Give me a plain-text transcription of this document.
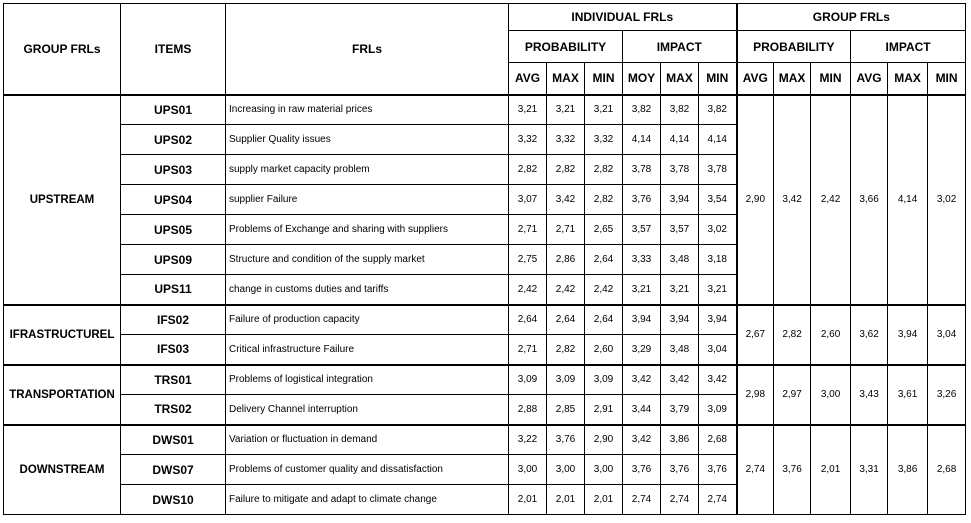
GROUP FRLs	ITEMS	FRLs	INDIVIDUAL FRLs						GROUP FRLs					
			PROBABILITY			IMPACT			PROBABILITY			IMPACT		
			AVG	MAX	MIN	MOY	MAX	MIN	AVG	MAX	MIN	AVG	MAX	MIN
UPSTREAM	UPS01	Increasing in raw material prices	3,21	3,21	3,21	3,82	3,82	3,82	2,90	3,42	2,42	3,66	4,14	3,02
	UPS02	Supplier Quality issues	3,32	3,32	3,32	4,14	4,14	4,14						
	UPS03	supply market capacity problem	2,82	2,82	2,82	3,78	3,78	3,78						
	UPS04	supplier Failure	3,07	3,42	2,82	3,76	3,94	3,54						
	UPS05	Problems of Exchange and sharing with suppliers	2,71	2,71	2,65	3,57	3,57	3,02						
	UPS09	Structure and condition of the supply market	2,75	2,86	2,64	3,33	3,48	3,18						
	UPS11	change in customs duties and tariffs	2,42	2,42	2,42	3,21	3,21	3,21						
IFRASTRUCTUREL	IFS02	Failure of production capacity	2,64	2,64	2,64	3,94	3,94	3,94	2,67	2,82	2,60	3,62	3,94	3,04
	IFS03	Critical infrastructure Failure	2,71	2,82	2,60	3,29	3,48	3,04						
TRANSPORTATION	TRS01	Problems of logistical integration	3,09	3,09	3,09	3,42	3,42	3,42	2,98	2,97	3,00	3,43	3,61	3,26
	TRS02	Delivery Channel interruption	2,88	2,85	2,91	3,44	3,79	3,09						
DOWNSTREAM	DWS01	Variation or fluctuation in demand	3,22	3,76	2,90	3,42	3,86	2,68	2,74	3,76	2,01	3,31	3,86	2,68
	DWS07	Problems of customer quality and dissatisfaction	3,00	3,00	3,00	3,76	3,76	3,76						
	DWS10	Failure to mitigate and adapt to climate change	2,01	2,01	2,01	2,74	2,74	2,74						
